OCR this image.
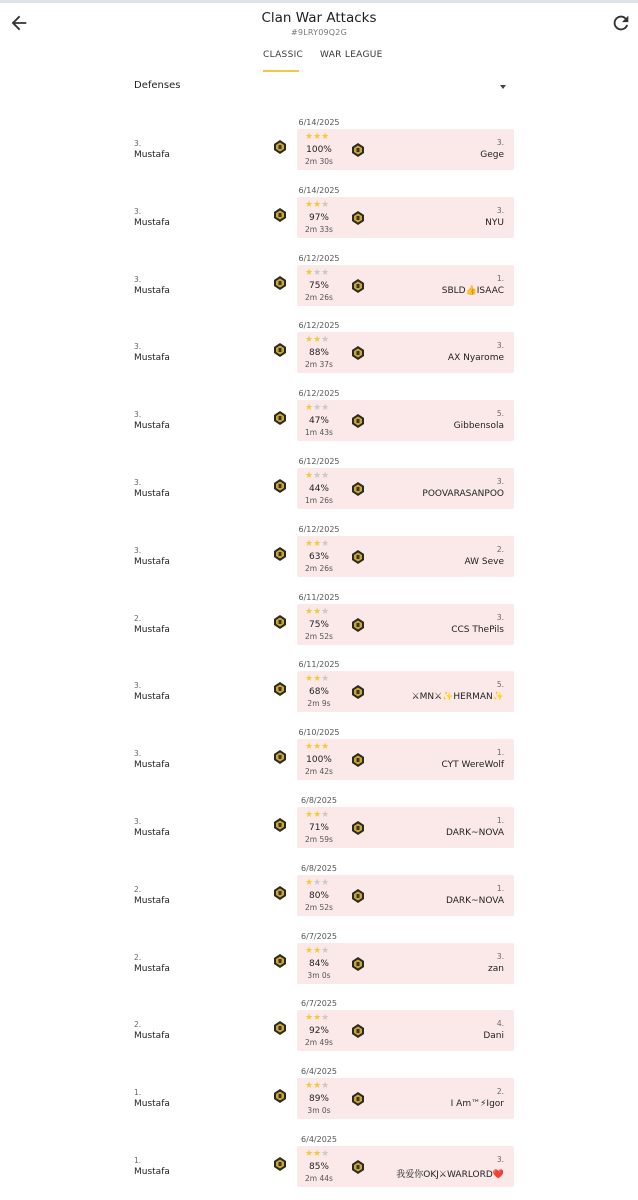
Clan War Attacks
#9LRY09Q2G
CLASSIC WAR LEAGUE
Defenses
6/14/2025
3.
Mustafa
★★★
100%
2m 30s
3.
Gege
6/14/2025
3.
Mustafa
★★★
97%
2m 33s
3.
NYU
6/12/2025
3.
Mustafa
★★★
75%
2m 26s
1.
SBLD👍ISAAC
6/12/2025
3.
Mustafa
★★★
88%
2m 37s
3.
AX Nyarome
6/12/2025
3.
Mustafa
★★★
47%
1m 43s
5.
Gibbensola
6/12/2025
3.
Mustafa
★★★
44%
1m 26s
3.
POOVARASANPOO
6/12/2025
3.
Mustafa
★★★
63%
2m 26s
2.
AW Seve
6/11/2025
2.
Mustafa
★★★
75%
2m 52s
3.
CCS ThePils
6/11/2025
3.
Mustafa
★★★
68%
2m 9s
5.
⚔MN⚔✨HERMAN✨
6/10/2025
3.
Mustafa
★★★
100%
2m 42s
1.
CYT WereWolf
6/8/2025
3.
Mustafa
★★★
71%
2m 59s
1.
DARK~NOVA
6/8/2025
2.
Mustafa
★★★
80%
2m 52s
1.
DARK~NOVA
6/7/2025
2.
Mustafa
★★★
84%
3m 0s
3.
zan
6/7/2025
2.
Mustafa
★★★
92%
2m 49s
4.
Dani
6/4/2025
1.
Mustafa
★★★
89%
3m 0s
2.
I Am™⚡Igor
6/4/2025
1.
Mustafa
★★★
85%
2m 44s
3.
我爱你OKJ⚔WARLORD❤️
